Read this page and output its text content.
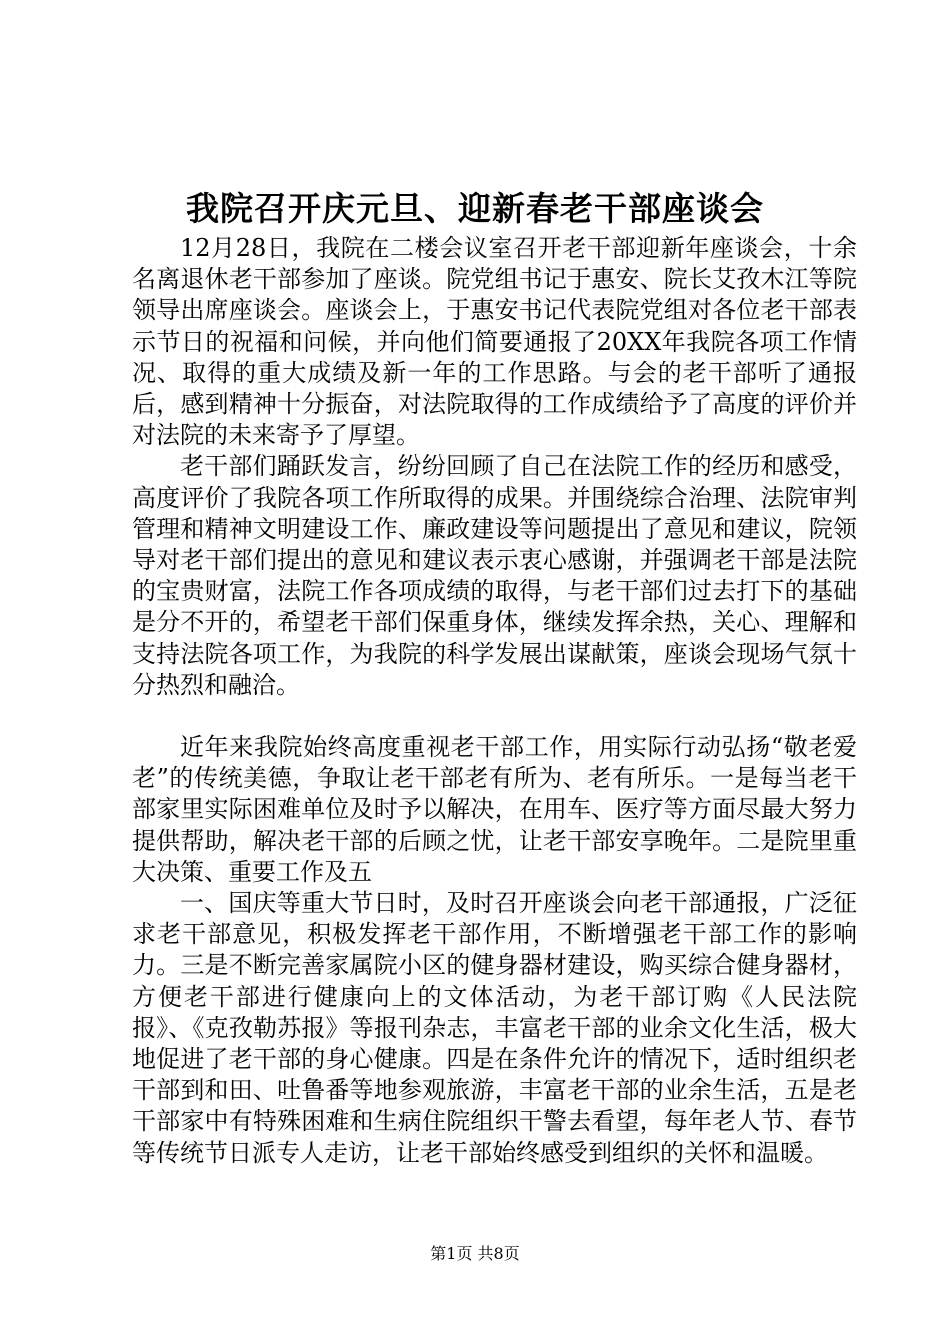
我院召开庆元旦、迎新春老干部座谈会

12月28日，我院在二楼会议室召开老干部迎新年座谈会，十余名离退休老干部参加了座谈。院党组书记于惠安、院长艾孜木江等院领导出席座谈会。座谈会上，于惠安书记代表院党组对各位老干部表示节日的祝福和问候，并向他们简要通报了20XX年我院各项工作情况、取得的重大成绩及新一年的工作思路。与会的老干部听了通报后，感到精神十分振奋，对法院取得的工作成绩给予了高度的评价并对法院的未来寄予了厚望。

老干部们踊跃发言，纷纷回顾了自己在法院工作的经历和感受，高度评价了我院各项工作所取得的成果。并围绕综合治理、法院审判管理和精神文明建设工作、廉政建设等问题提出了意见和建议，院领导对老干部们提出的意见和建议表示衷心感谢，并强调老干部是法院的宝贵财富，法院工作各项成绩的取得，与老干部们过去打下的基础是分不开的，希望老干部们保重身体，继续发挥余热，关心、理解和支持法院各项工作，为我院的科学发展出谋献策，座谈会现场气氛十分热烈和融洽。

近年来我院始终高度重视老干部工作，用实际行动弘扬“敬老爱老”的传统美德，争取让老干部老有所为、老有所乐。一是每当老干部家里实际困难单位及时予以解决，在用车、医疗等方面尽最大努力提供帮助，解决老干部的后顾之忧，让老干部安享晚年。二是院里重大决策、重要工作及五

一、国庆等重大节日时，及时召开座谈会向老干部通报，广泛征求老干部意见，积极发挥老干部作用，不断增强老干部工作的影响力。三是不断完善家属院小区的健身器材建设，购买综合健身器材，方便老干部进行健康向上的文体活动，为老干部订购《人民法院报》、《克孜勒苏报》等报刊杂志，丰富老干部的业余文化生活，极大地促进了老干部的身心健康。四是在条件允许的情况下，适时组织老干部到和田、吐鲁番等地参观旅游，丰富老干部的业余生活，五是老干部家中有特殊困难和生病住院组织干警去看望，每年老人节、春节等传统节日派专人走访，让老干部始终感受到组织的关怀和温暖。

第1页 共8页
